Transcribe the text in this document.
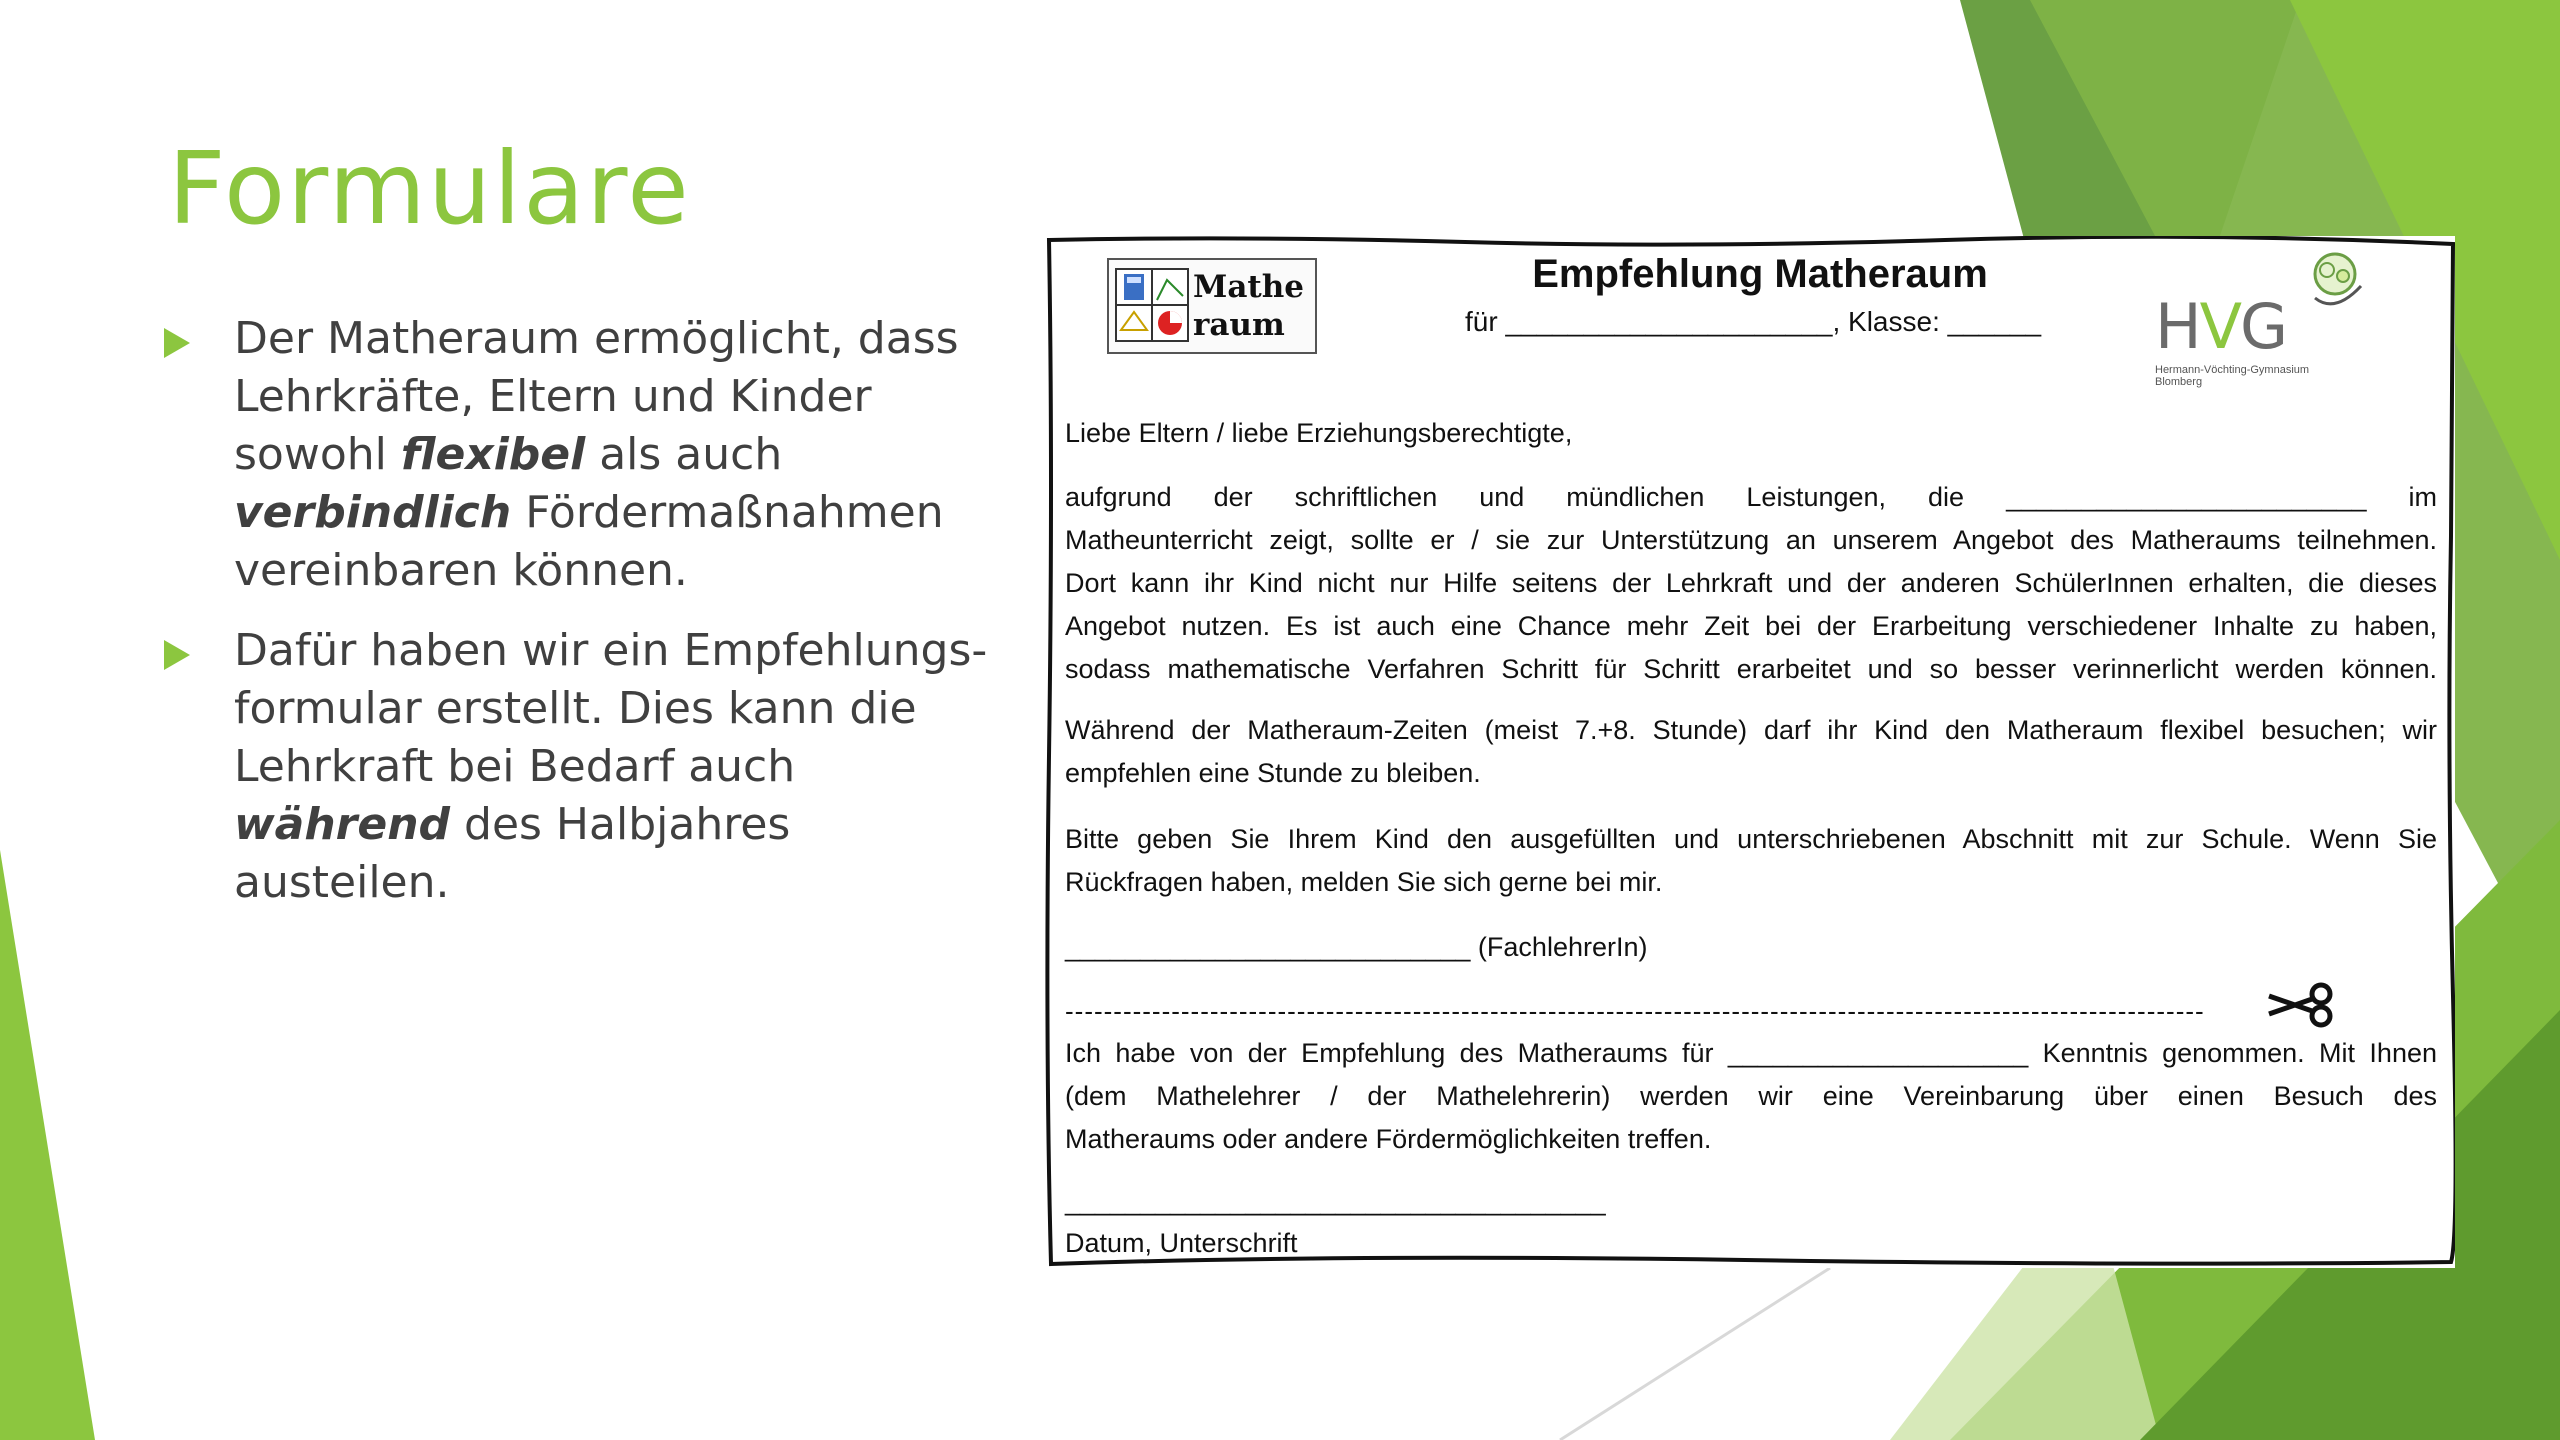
Formulare
Der Matheraum ermöglicht, dass Lehrkräfte, Eltern und Kinder sowohl flexibel als auch verbindlich Fördermaßnahmen vereinbaren können.
Dafür haben wir ein Empfehlungs-formular erstellt. Dies kann die Lehrkraft bei Bedarf auch während des Halbjahres austeilen.
Mathe
raum
Empfehlung Matheraum
für _____________________, Klasse: ______ HVG
Hermann-Vöchting-Gymnasium Blomberg
Liebe Eltern / liebe Erziehungsberechtigte,
aufgrund der schriftlichen und mündlichen Leistungen, die ________________________ im
Matheunterricht zeigt, sollte er / sie zur Unterstützung an unserem Angebot des Matheraums teilnehmen.
Dort kann ihr Kind nicht nur Hilfe seitens der Lehrkraft und der anderen SchülerInnen erhalten, die dieses
Angebot nutzen. Es ist auch eine Chance mehr Zeit bei der Erarbeitung verschiedener Inhalte zu haben,
sodass mathematische Verfahren Schritt für Schritt erarbeitet und so besser verinnerlicht werden können.
Während der Matheraum-Zeiten (meist 7.+8. Stunde) darf ihr Kind den Matheraum flexibel besuchen; wir
empfehlen eine Stunde zu bleiben.
Bitte geben Sie Ihrem Kind den ausgefüllten und unterschriebenen Abschnitt mit zur Schule. Wenn Sie
Rückfragen haben, melden Sie sich gerne bei mir.
___________________________ (FachlehrerIn)
----------------------------------------------------------------------------------------------------------------------
Ich habe von der Empfehlung des Matheraums für ____________________ Kenntnis genommen. Mit Ihnen
(dem Mathelehrer / der Mathelehrerin) werden wir eine Vereinbarung über einen Besuch des
Matheraums oder andere Fördermöglichkeiten treffen.
____________________________________
Datum, Unterschrift
